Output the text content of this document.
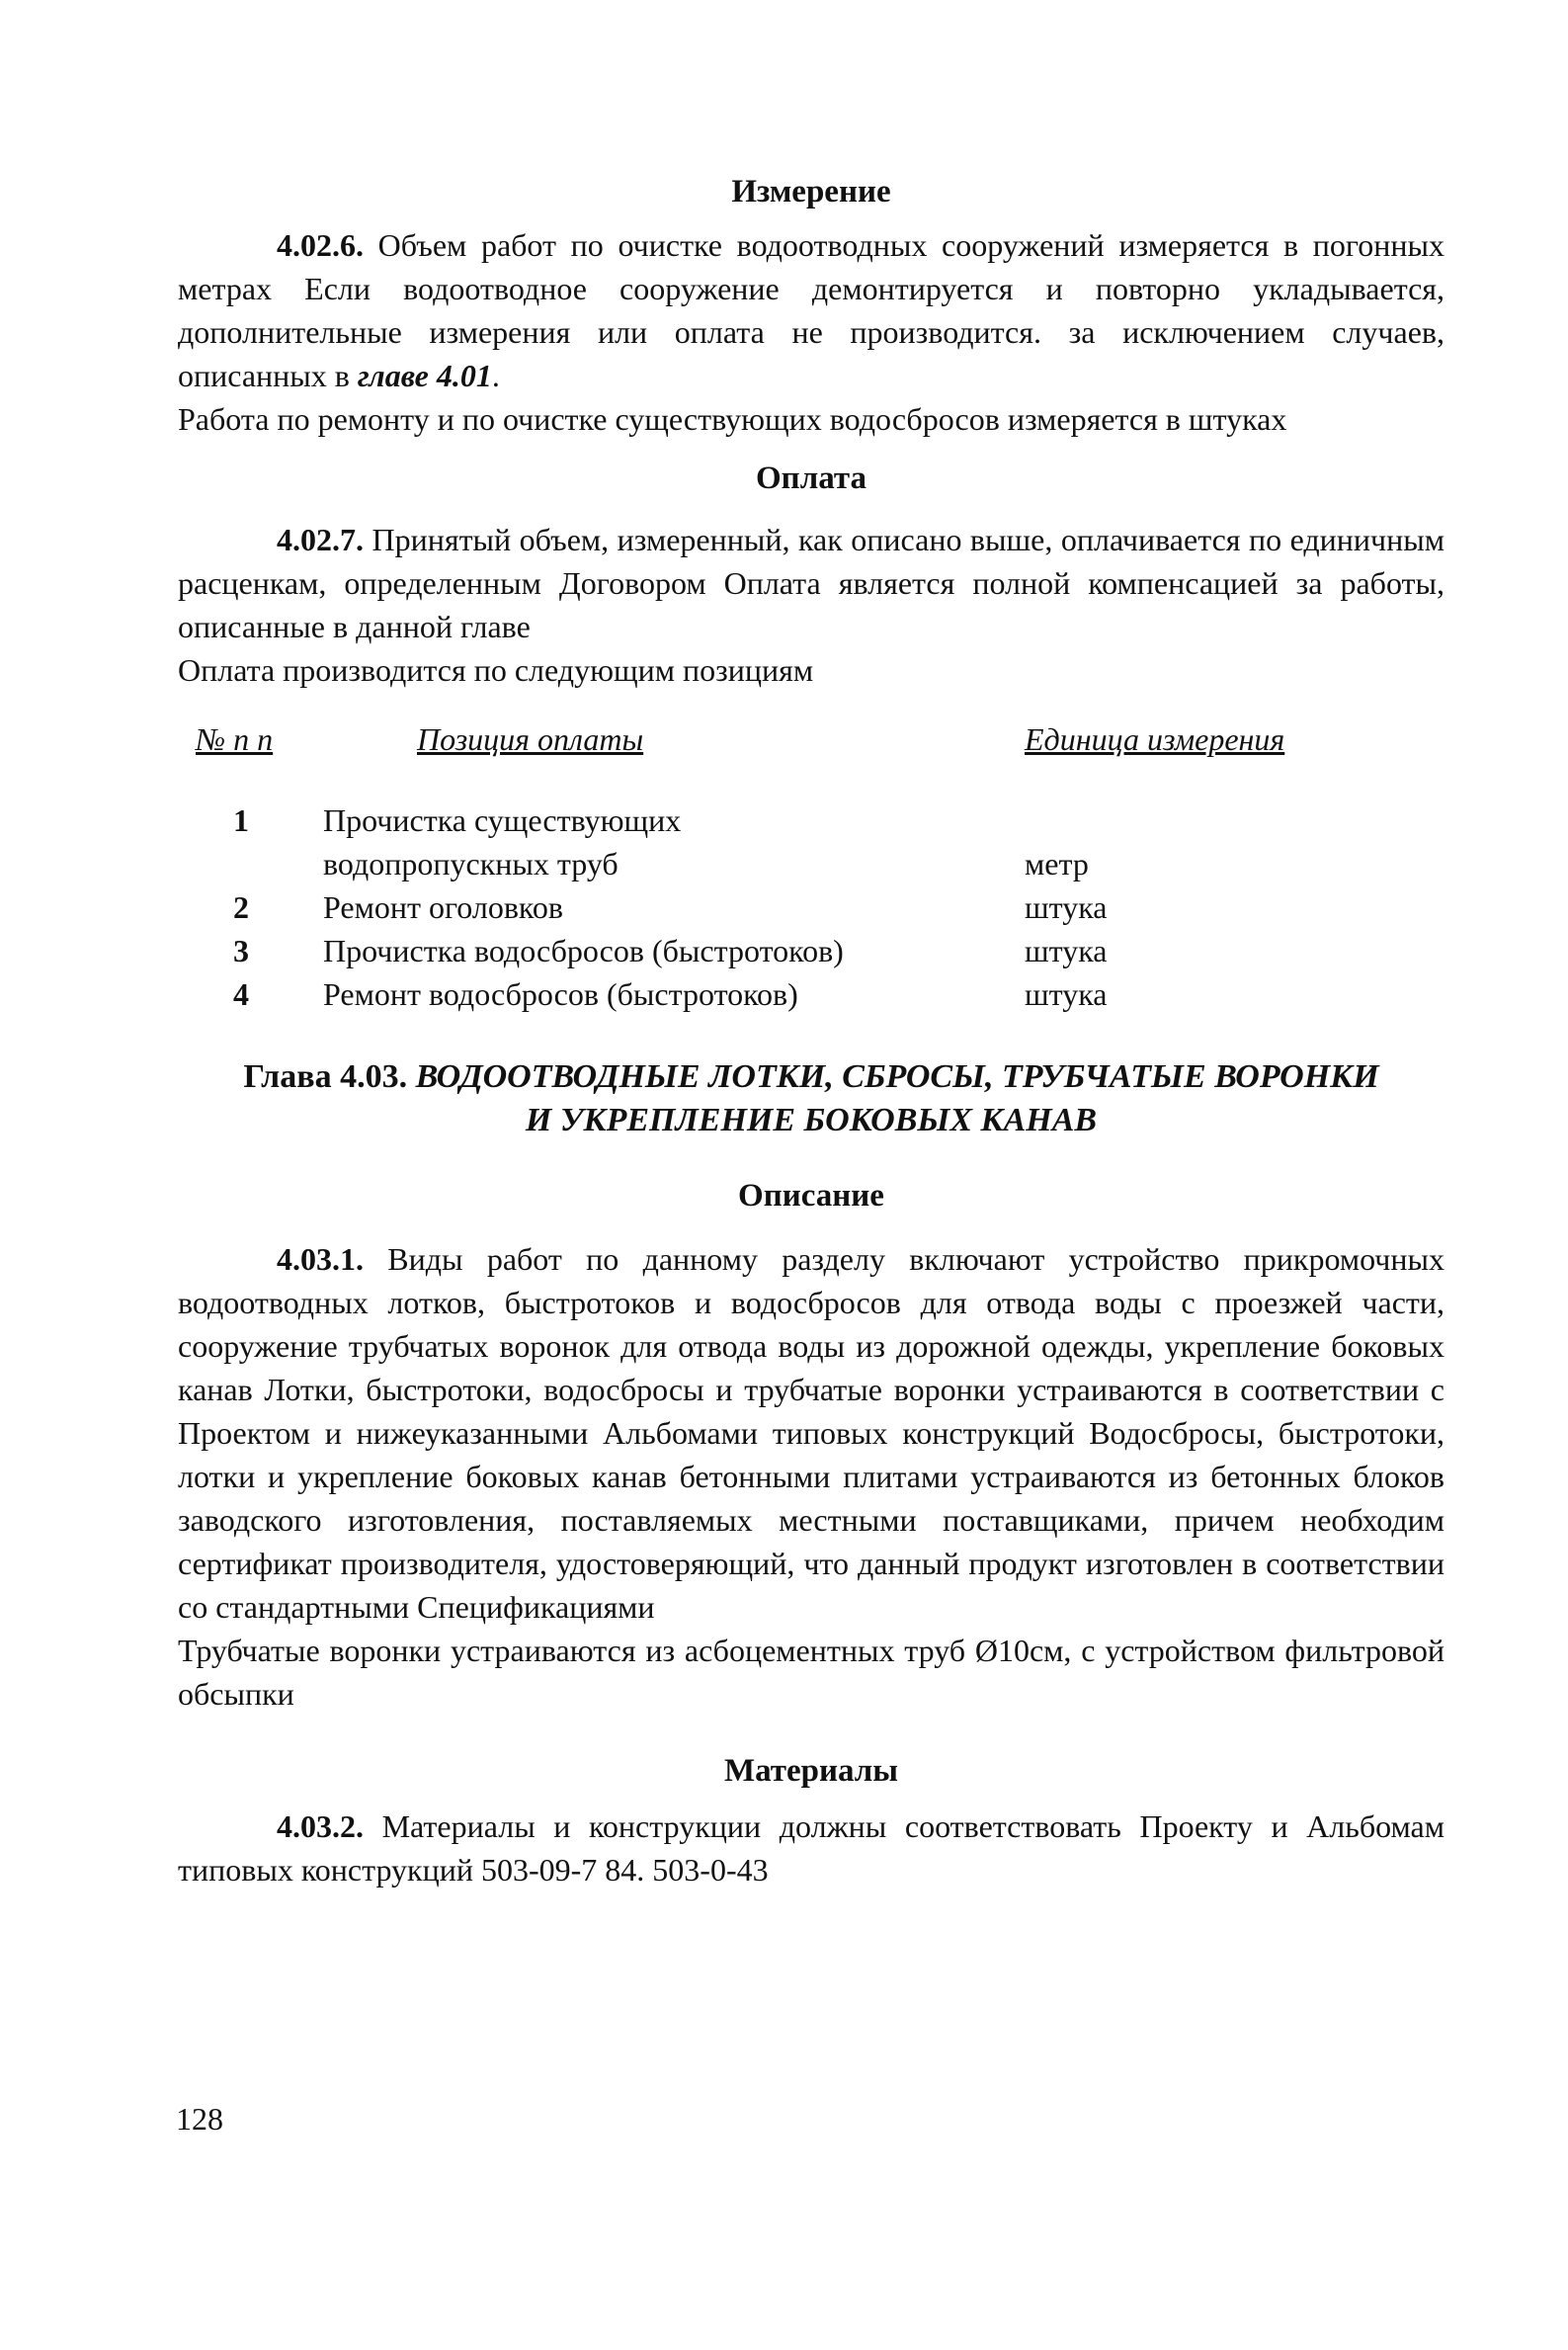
Измерение
4.02.6. Объем работ по очистке водоотводных сооружений измеряется в погонных метрах Если водоотводное сооружение демонтируется и повторно укладывается, дополнительные измерения или оплата не производится. за исключением случаев, описанных в главе 4.01.
Работа по ремонту и по очистке существующих водосбросов измеряется в штуках
Оплата
4.02.7. Принятый объем, измеренный, как описано выше, оплачивается по единичным расценкам, определенным Договором Оплата является полной компенсацией за работы, описанные в данной главе
Оплата производится по следующим позициям
№ п п	Позиция оплаты	Единица измерения
1 Прочистка существующих
водопропускных труб	метр
2 Ремонт оголовков	штука
3 Прочистка водосбросов (быстротоков)	штука
4 Ремонт водосбросов (быстротоков)	штука
Глава 4.03. ВОДООТВОДНЫЕ ЛОТКИ, СБРОСЫ, ТРУБЧАТЫЕ ВОРОНКИ
И УКРЕПЛЕНИЕ БОКОВЫХ КАНАВ
Описание
4.03.1. Виды работ по данному разделу включают устройство прикромочных водоотводных лотков, быстротоков и водосбросов для отвода воды с проезжей части, сооружение трубчатых воронок для отвода воды из дорожной одежды, укрепление боковых канав Лотки, быстротоки, водосбросы и трубчатые воронки устраиваются в соответствии с Проектом и нижеуказанными Альбомами типовых конструкций Водосбросы, быстротоки, лотки и укрепление боковых канав бетонными плитами устраиваются из бетонных блоков заводского изготовления, поставляемых местными поставщиками, причем необходим сертификат производителя, удостоверяющий, что данный продукт изготовлен в соответствии со стандартными Спецификациями
Трубчатые воронки устраиваются из асбоцементных труб Ø10см, с устройством фильтровой обсыпки
Материалы
4.03.2. Материалы и конструкции должны соответствовать Проекту и Альбомам типовых конструкций 503-09-7 84. 503-0-43
128
